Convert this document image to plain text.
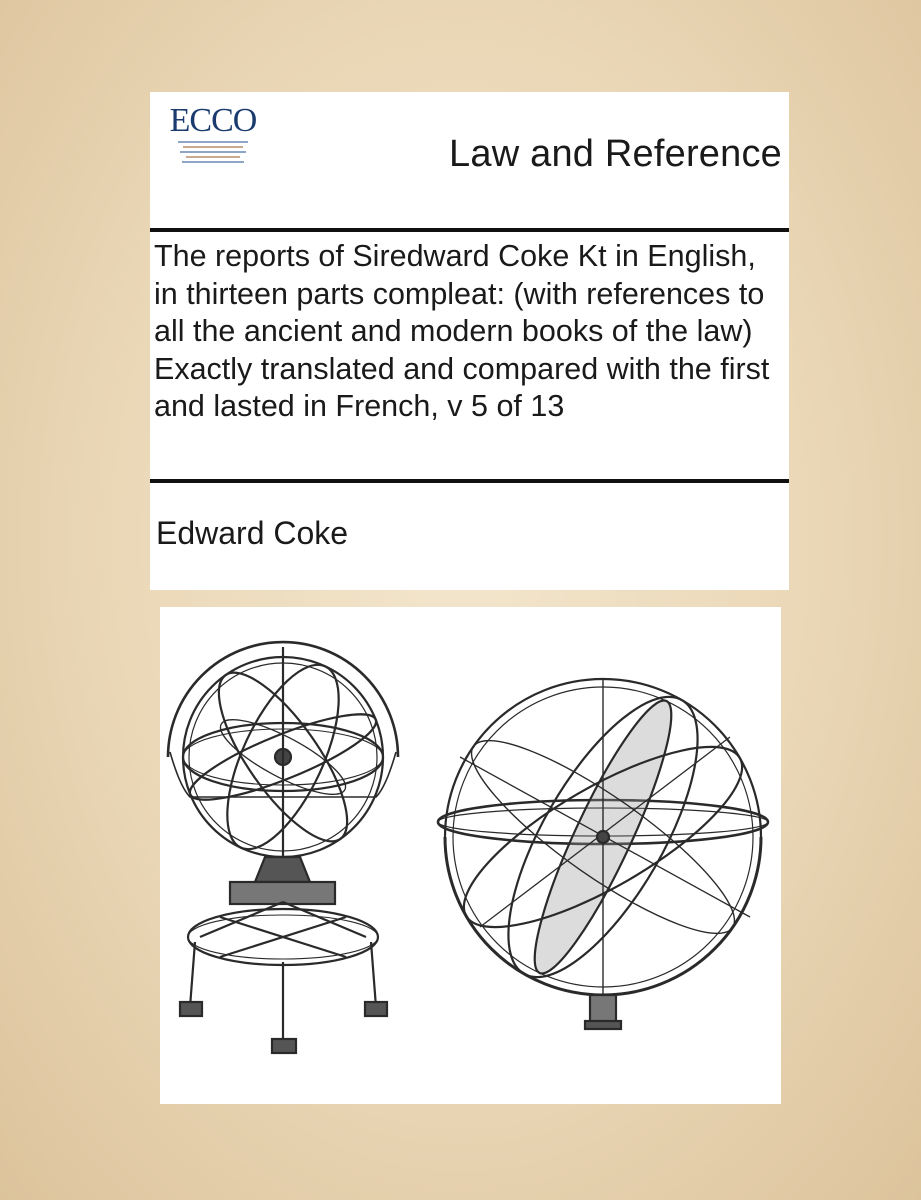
ECCO
Law and Reference
The reports of Siredward Coke Kt in English, in thirteen parts compleat: (with references to all the ancient and modern books of the law) Exactly translated and compared with the first and lasted in French, v 5 of 13
Edward Coke
